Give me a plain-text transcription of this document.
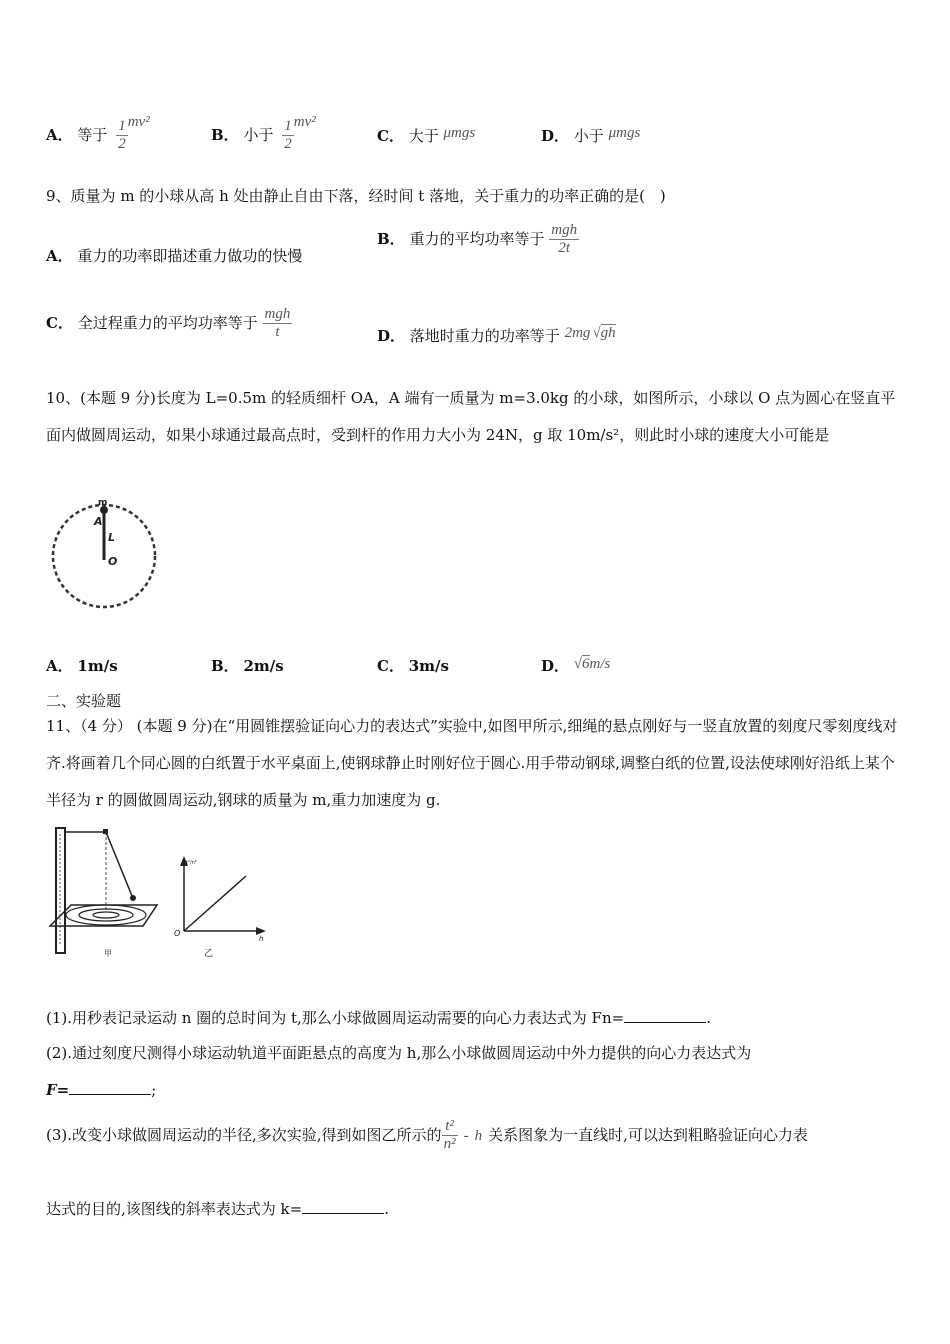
A． 等于 $\frac{1}{2} mv^2$
B． 小于 $\frac{1}{2} mv^2$
C． 大于 μmgs	D． 小于 μmgs
9、质量为 m 的小球从高 h 处由静止自由下落，经时间 t 落地，关于重力的功率正确的是(　)
A． 重力的功率即描述重力做功的快慢
B． 重力的平均功率等于 $\frac{\text{mgh}}{2t}$
C． 全过程重力的平均功率等于 $\frac{\text{mgh}}{t}$	D． 落地时重力的功率等于 2mg √gh
10、(本题 9 分)长度为 L=0.5m 的轻质细杆 OA，A 端有一质量为 m=3.0kg 的小球，如图所示，小球以 O 点为圆心在竖直平面内做圆周运动，如果小球通过最高点时，受到杆的作用力大小为 24N，g 取 10m/s²，则此时小球的速度大小可能是
m
A
L
O
A． 1m/s	B． 2m/s	C． 3m/s	D． √6m/s
二、实验题
11、（4 分） (本题 9 分)在“用圆锥摆验证向心力的表达式”实验中,如图甲所示,细绳的悬点刚好与一竖直放置的刻度尺零刻度线对齐.将画着几个同心圆的白纸置于水平桌面上,使钢球静止时刚好位于圆心.用手带动钢球,调整白纸的位置,设法使球刚好沿纸上某个半径为 r 的圆做圆周运动,钢球的质量为 m,重力加速度为 g.
甲
t²/n²
O
h
乙
(1).用秒表记录运动 n 圈的总时间为 t,那么小球做圆周运动需要的向心力表达式为 Fn=	.
(2).通过刻度尺测得小球运动轨道平面距悬点的高度为 h,那么小球做圆周运动中外力提供的向心力表达式为
F=	;
(3).改变小球做圆周运动的半径,多次实验,得到如图乙所示的 $\frac{\text{t²}}{\text{n²}}$ - h 关系图象为一直线时,可以达到粗略验证向心力表
达式的目的,该图线的斜率表达式为 k=	.
